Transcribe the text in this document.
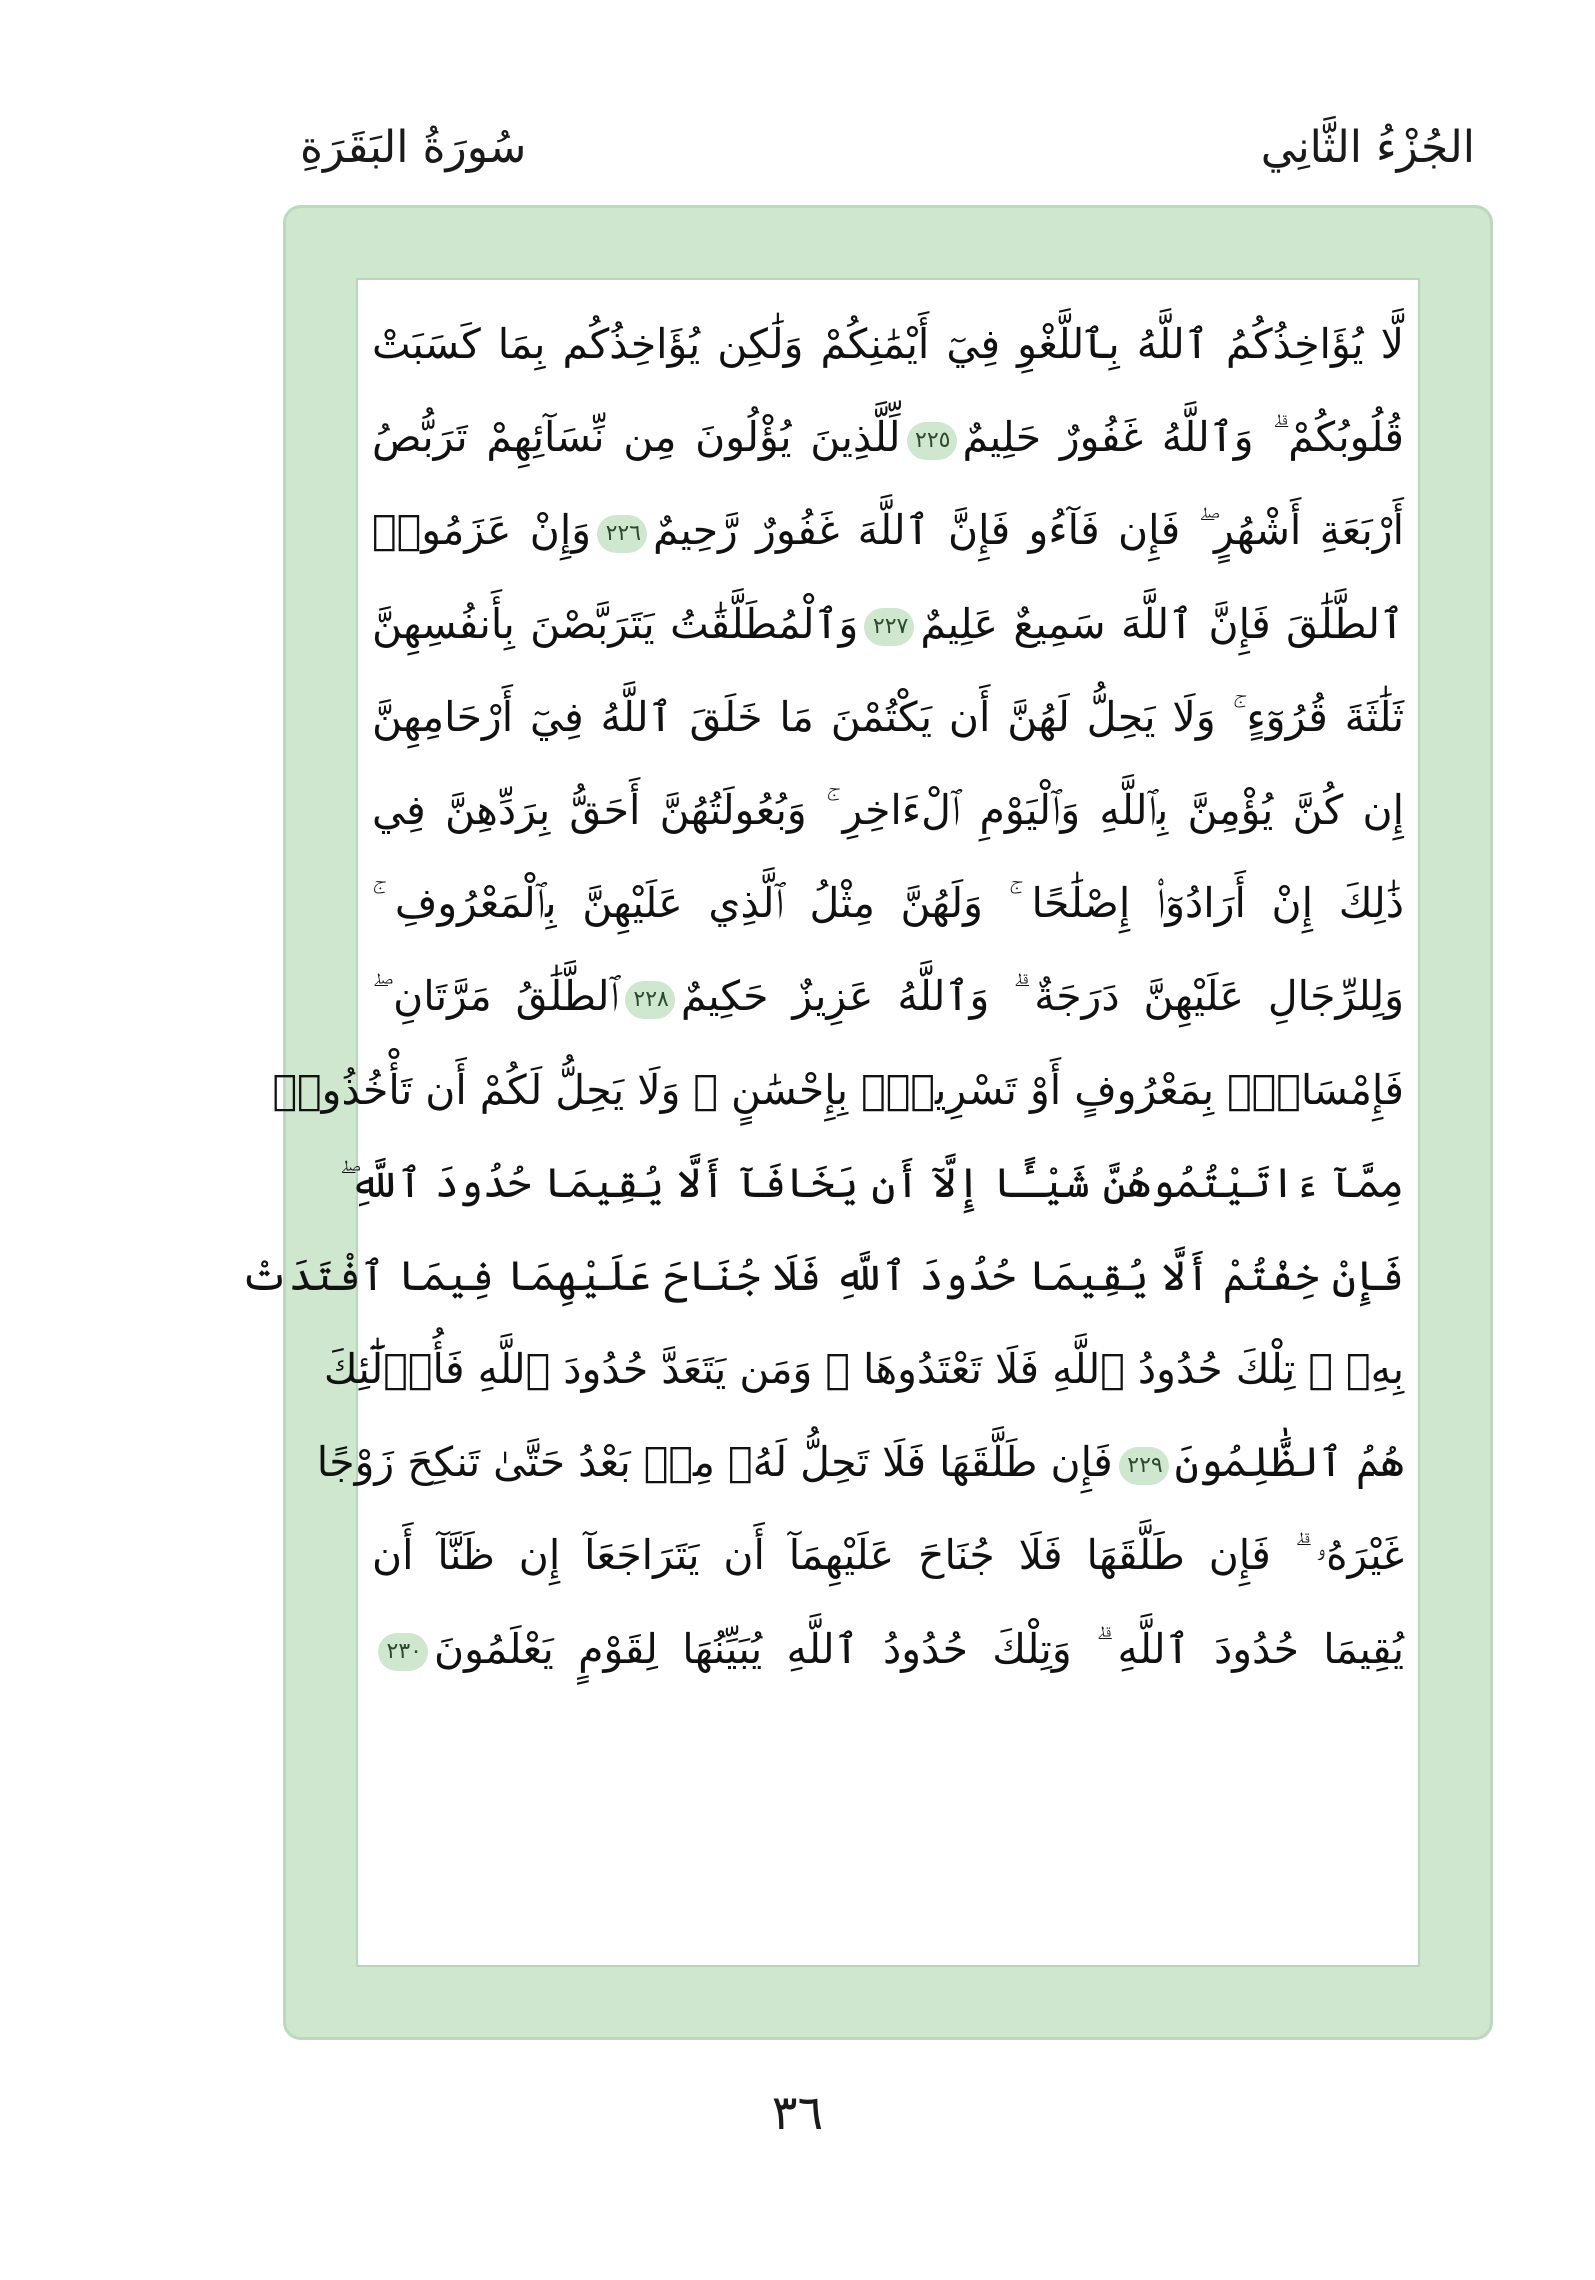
سُورَةُ البَقَرَةِ	الجُزْءُ الثَّانِي
لَّا يُؤَاخِذُكُمُ ٱللَّهُ بِٱللَّغْوِ فِيٓ أَيْمَٰنِكُمْ وَلَٰكِن يُؤَاخِذُكُم بِمَا كَسَبَتْ
قُلُوبُكُمْ ۗ وَٱللَّهُ غَفُورٌ حَلِيمٌ٢٢٥لِّلَّذِينَ يُؤْلُونَ مِن نِّسَآئِهِمْ تَرَبُّصُ
أَرْبَعَةِ أَشْهُرٍ ۖ فَإِن فَآءُو فَإِنَّ ٱللَّهَ غَفُورٌ رَّحِيمٌ٢٢٦وَإِنْ عَزَمُوا۟
ٱلطَّلَٰقَ فَإِنَّ ٱللَّهَ سَمِيعٌ عَلِيمٌ٢٢٧وَٱلْمُطَلَّقَٰتُ يَتَرَبَّصْنَ بِأَنفُسِهِنَّ
ثَلَٰثَةَ قُرُوٓءٍ ۚ وَلَا يَحِلُّ لَهُنَّ أَن يَكْتُمْنَ مَا خَلَقَ ٱللَّهُ فِيٓ أَرْحَامِهِنَّ
إِن كُنَّ يُؤْمِنَّ بِٱللَّهِ وَٱلْيَوْمِ ٱلْءَاخِرِ ۚ وَبُعُولَتُهُنَّ أَحَقُّ بِرَدِّهِنَّ فِي
ذَٰلِكَ إِنْ أَرَادُوٓا۟ إِصْلَٰحًا ۚ وَلَهُنَّ مِثْلُ ٱلَّذِي عَلَيْهِنَّ بِٱلْمَعْرُوفِ ۚ
وَلِلرِّجَالِ عَلَيْهِنَّ دَرَجَةٌ ۗ وَٱللَّهُ عَزِيزٌ حَكِيمٌ٢٢٨ٱلطَّلَٰقُ مَرَّتَانِ ۖ
فَإِمْسَاكٌۢ بِمَعْرُوفٍ أَوْ تَسْرِيحٌۢ بِإِحْسَٰنٍ ۗ وَلَا يَحِلُّ لَكُمْ أَن تَأْخُذُوا۟
مِمَّآ ءَاتَيْتُمُوهُنَّ شَيْـًٔا إِلَّآ أَن يَخَافَآ أَلَّا يُقِيمَا حُدُودَ ٱللَّهِ ۖ
فَإِنْ خِفْتُمْ أَلَّا يُقِيمَا حُدُودَ ٱللَّهِ فَلَا جُنَاحَ عَلَيْهِمَا فِيمَا ٱفْتَدَتْ
بِهِۦ ۗ تِلْكَ حُدُودُ ٱللَّهِ فَلَا تَعْتَدُوهَا ۚ وَمَن يَتَعَدَّ حُدُودَ ٱللَّهِ فَأُو۟لَٰٓئِكَ
هُمُ ٱلظَّٰلِمُونَ٢٢٩فَإِن طَلَّقَهَا فَلَا تَحِلُّ لَهُۥ مِنۢ بَعْدُ حَتَّىٰ تَنكِحَ زَوْجًا
غَيْرَهُۥ ۗ فَإِن طَلَّقَهَا فَلَا جُنَاحَ عَلَيْهِمَآ أَن يَتَرَاجَعَآ إِن ظَنَّآ أَن
يُقِيمَا حُدُودَ ٱللَّهِ ۗ وَتِلْكَ حُدُودُ ٱللَّهِ يُبَيِّنُهَا لِقَوْمٍ يَعْلَمُونَ٢٣٠
٣٦
